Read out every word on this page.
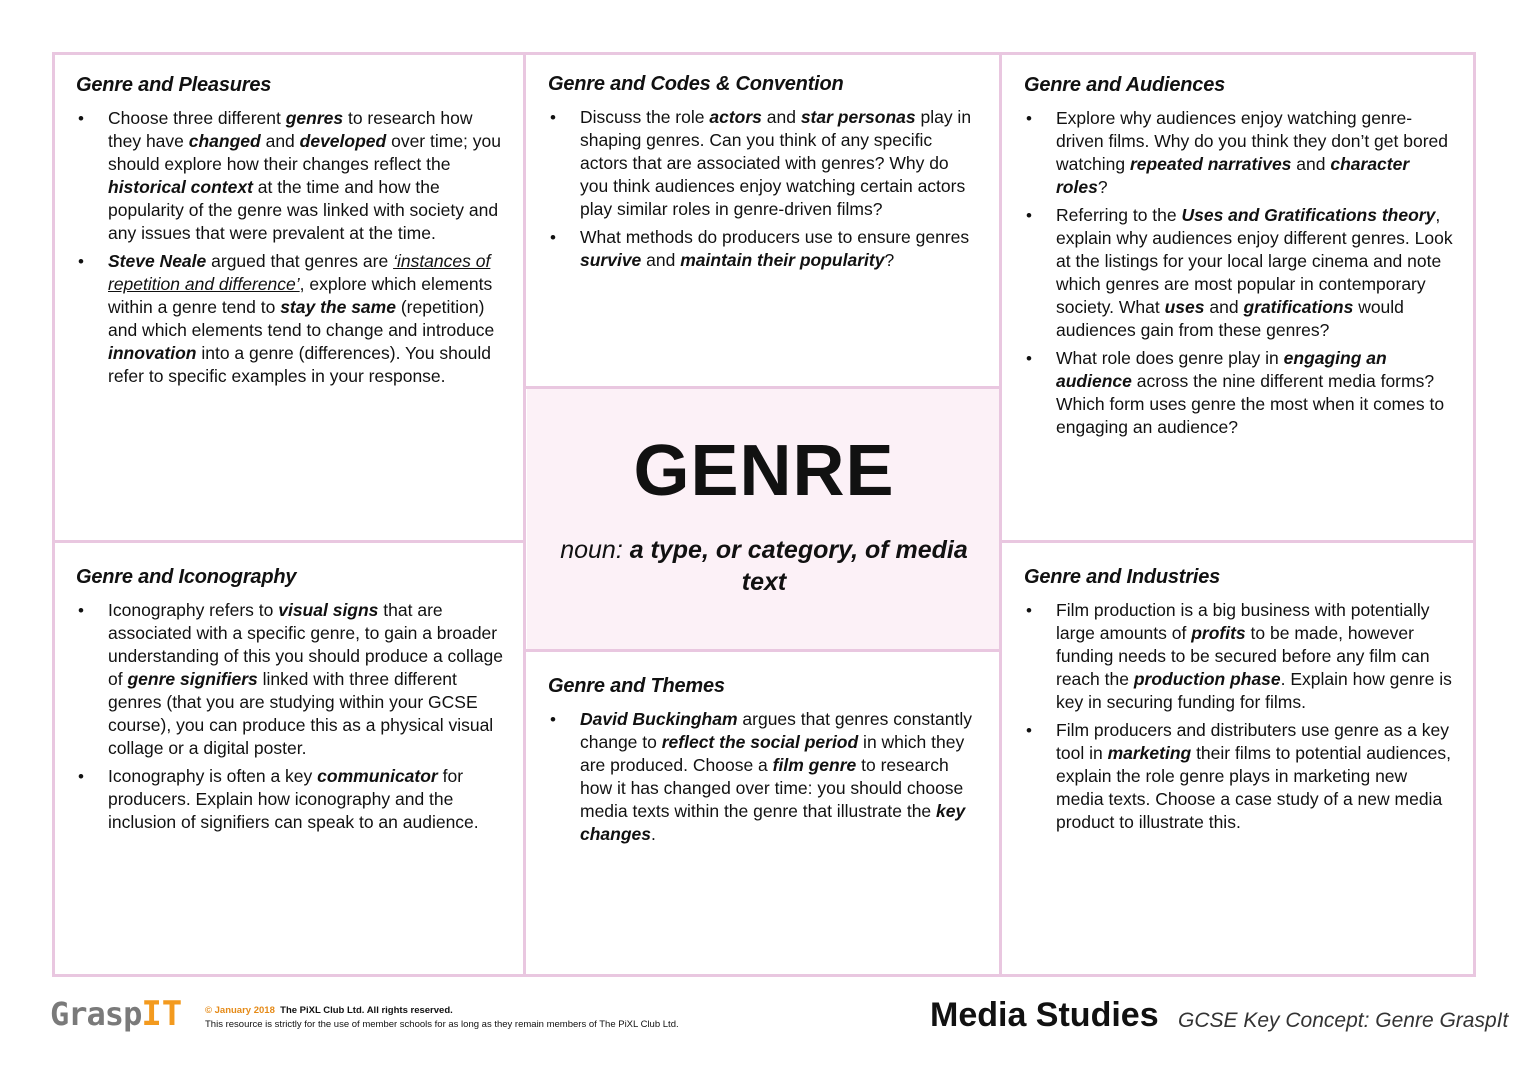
Genre and Pleasures
• Choose three different genres to research how they have changed and developed over time; you should explore how their changes reflect the historical context at the time and how the popularity of the genre was linked with society and any issues that were prevalent at the time.
• Steve Neale argued that genres are ‘instances of repetition and difference’, explore which elements within a genre tend to stay the same (repetition) and which elements tend to change and introduce innovation into a genre (differences). You should refer to specific examples in your response.
Genre and Codes & Convention
• Discuss the role actors and star personas play in shaping genres. Can you think of any specific actors that are associated with genres? Why do you think audiences enjoy watching certain actors play similar roles in genre-driven films?
• What methods do producers use to ensure genres survive and maintain their popularity?
Genre and Audiences
• Explore why audiences enjoy watching genre-driven films. Why do you think they don’t get bored watching repeated narratives and character roles?
• Referring to the Uses and Gratifications theory, explain why audiences enjoy different genres. Look at the listings for your local large cinema and note which genres are most popular in contemporary society. What uses and gratifications would audiences gain from these genres?
• What role does genre play in engaging an audience across the nine different media forms? Which form uses genre the most when it comes to engaging an audience?
Genre and Iconography
• Iconography refers to visual signs that are associated with a specific genre, to gain a broader understanding of this you should produce a collage of genre signifiers linked with three different genres (that you are studying within your GCSE course), you can produce this as a physical visual collage or a digital poster.
• Iconography is often a key communicator for producers. Explain how iconography and the inclusion of signifiers can speak to an audience.
Genre and Themes
• David Buckingham argues that genres constantly change to reflect the social period in which they are produced. Choose a film genre to research how it has changed over time: you should choose media texts within the genre that illustrate the key changes.
Genre and Industries
• Film production is a big business with potentially large amounts of profits to be made, however funding needs to be secured before any film can reach the production phase. Explain how genre is key in securing funding for films.
• Film producers and distributers use genre as a key tool in marketing their films to potential audiences, explain the role genre plays in marketing new media texts. Choose a case study of a new media product to illustrate this.
GENRE
noun: a type, or category, of media text
GraspIT © January 2018 The PiXL Club Ltd. All rights reserved.
This resource is strictly for the use of member schools for as long as they remain members of The PiXL Club Ltd.	Media Studies GCSE Key Concept: Genre GraspIt
